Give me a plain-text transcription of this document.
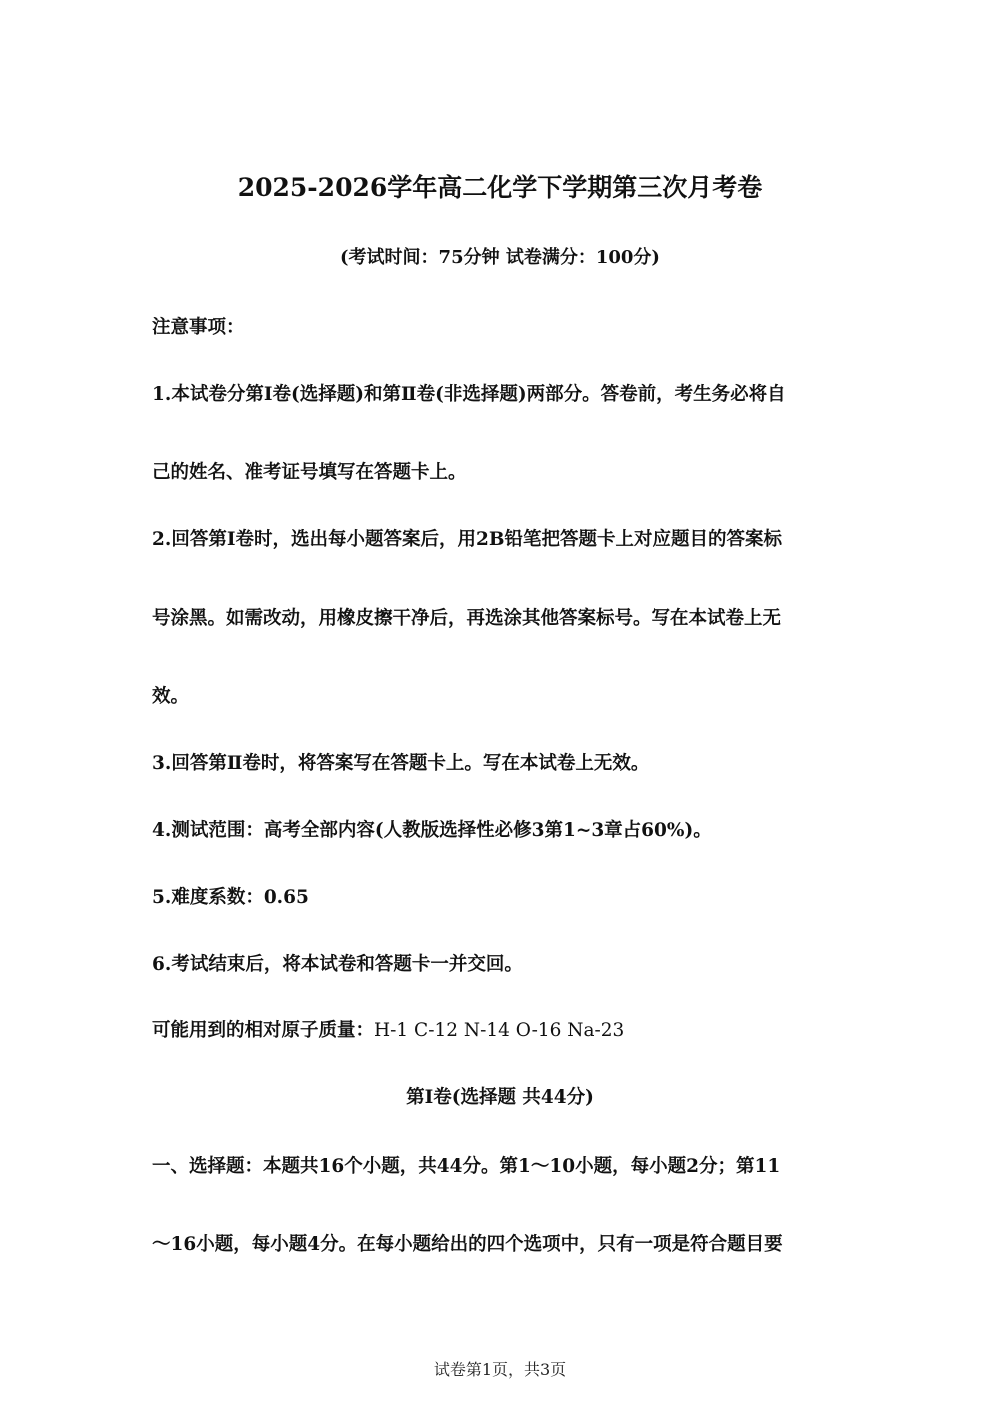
2025-2026学年高二化学下学期第三次月考卷
(考试时间：75分钟 试卷满分：100分)
注意事项：
1.本试卷分第Ⅰ卷(选择题)和第Ⅱ卷(非选择题)两部分。答卷前，考生务必将自
己的姓名、准考证号填写在答题卡上。
2.回答第Ⅰ卷时，选出每小题答案后，用2B铅笔把答题卡上对应题目的答案标
号涂黑。如需改动，用橡皮擦干净后，再选涂其他答案标号。写在本试卷上无
效。
3.回答第Ⅱ卷时，将答案写在答题卡上。写在本试卷上无效。
4.测试范围：高考全部内容(人教版选择性必修3第1~3章占60%)。
5.难度系数：0.65
6.考试结束后，将本试卷和答题卡一并交回。
可能用到的相对原子质量：H-1 C-12 N-14 O-16 Na-23
第Ⅰ卷(选择题 共44分)
一、选择题：本题共16个小题，共44分。第1～10小题，每小题2分；第11
～16小题，每小题4分。在每小题给出的四个选项中，只有一项是符合题目要
试卷第1页，共3页
